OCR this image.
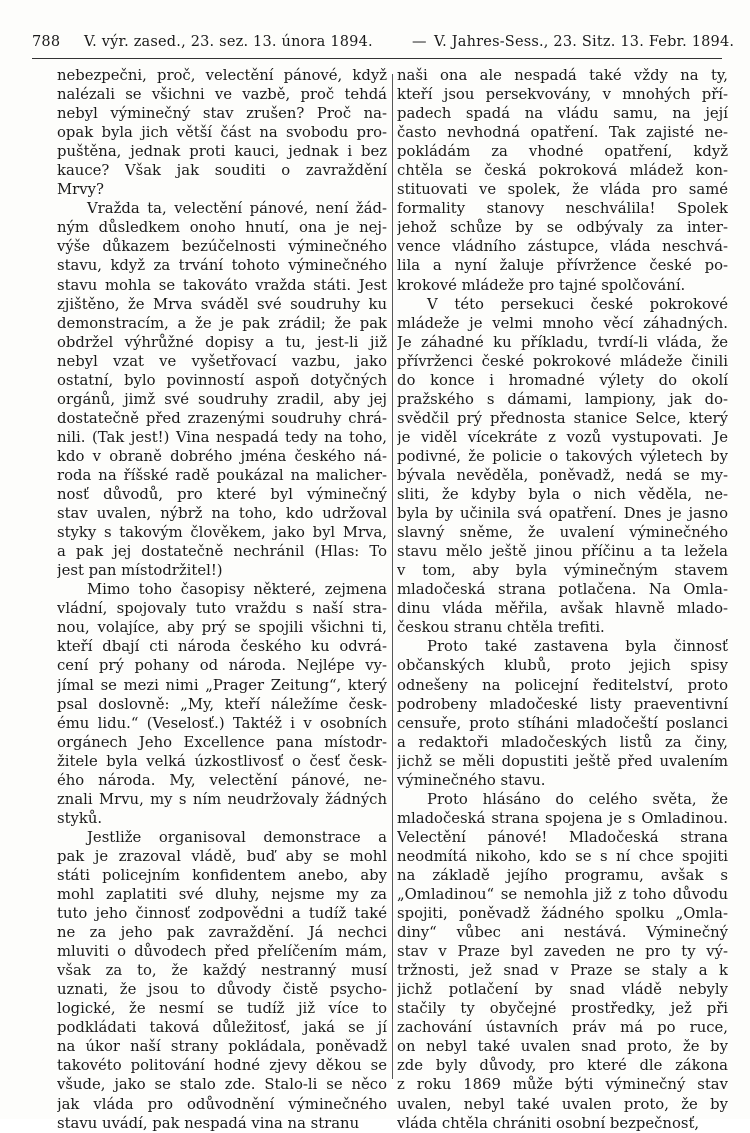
788 V. výr. zased., 23. sez. 13. února 1894.	— V. Jahres-Sess., 23. Sitz. 13. Febr. 1894.
nebezpečni, proč, velectění pánové, když
nalézali se všichni ve vazbě, proč tehdá
nebyl výminečný stav zrušen? Proč na-
opak byla jich větší část na svobodu pro-
puštěna, jednak proti kauci, jednak i bez
kauce? Však jak souditi o zavraždění
Mrvy?
Vražda ta, velectění pánové, není žád-
ným důsledkem onoho hnutí, ona je nej-
výše důkazem bezúčelnosti výminečného
stavu, když za trvání tohoto výminečného
stavu mohla se takováto vražda státi. Jest
zjištěno, že Mrva sváděl své soudruhy ku
demonstracím, a že je pak zrádil; že pak
obdržel výhrůžné dopisy a tu, jest-li již
nebyl vzat ve vyšetřovací vazbu, jako
ostatní, bylo povinností aspoň dotyčných
orgánů, jimž své soudruhy zradil, aby jej
dostatečně před zrazenými soudruhy chrá-
nili. (Tak jest!) Vina nespadá tedy na toho,
kdo v obraně dobrého jména českého ná-
roda na říšské radě poukázal na malicher-
nosť důvodů, pro které byl výminečný
stav uvalen, nýbrž na toho, kdo udržoval
styky s takovým člověkem, jako byl Mrva,
a pak jej dostatečně nechránil (Hlas: To
jest pan místodržitel!)
Mimo toho časopisy některé, zejmena
vládní, spojovaly tuto vraždu s naší stra-
nou, volajíce, aby prý se spojili všichni ti,
kteří dbají cti národa českého ku odvrá-
cení prý pohany od národa. Nejlépe vy-
jímal se mezi nimi „Prager Zeitung“, který
psal doslovně: „My, kteří náležíme česk-
ému lidu.“ (Veselosť.) Taktéž i v osobních
orgánech Jeho Excellence pana místodr-
žitele byla velká úzkostlivosť o česť česk-
ého národa. My, velectění pánové, ne-
znali Mrvu, my s ním neudržovaly žádných
styků.
Jestliže organisoval demonstrace a
pak je zrazoval vládě, buď aby se mohl
státi policejním konfidentem anebo, aby
mohl zaplatiti své dluhy, nejsme my za
tuto jeho činnosť zodpovědni a tudíž také
ne za jeho pak zavraždění. Já nechci
mluviti o důvodech před přelíčením mám,
však za to, že každý nestranný musí
uznati, že jsou to důvody čistě psycho-
logické, že nesmí se tudíž již více to
podkládati taková důležitosť, jaká se jí
na úkor naší strany pokládala, poněvadž
takovéto politování hodné zjevy děkou se
všude, jako se stalo zde. Stalo-li se něco
jak vláda pro odůvodnění výminečného
stavu uvádí, pak nespadá vina na stranu
naši ona ale nespadá také vždy na ty,
kteří jsou persekvovány, v mnohých pří-
padech spadá na vládu samu, na její
často nevhodná opatření. Tak zajisté ne-
pokládám za vhodné opatření, když
chtěla se česká pokroková mládež kon-
stituovati ve spolek, že vláda pro samé
formality stanovy neschválila! Spolek
jehož schůze by se odbývaly za inter-
vence vládního zástupce, vláda neschvá-
lila a nyní žaluje přívržence české po-
krokové mládeže pro tajné spolčování.
V této persekuci české pokrokové
mládeže je velmi mnoho věcí záhadných.
Je záhadné ku příkladu, tvrdí-li vláda, že
přívrženci české pokrokové mládeže činili
do konce i hromadné výlety do okolí
pražského s dámami, lampiony, jak do-
svědčil prý přednosta stanice Selce, který
je viděl vícekráte z vozů vystupovati. Je
podivné, že policie o takových výletech by
bývala nevěděla, poněvadž, nedá se my-
sliti, že kdyby byla o nich věděla, ne-
byla by učinila svá opatření. Dnes je jasno
slavný sněme, že uvalení výminečného
stavu mělo ještě jinou příčinu a ta ležela
v tom, aby byla výminečným stavem
mladočeská strana potlačena. Na Omla-
dinu vláda měřila, avšak hlavně mlado-
českou stranu chtěla trefiti.
Proto také zastavena byla činnosť
občanských klubů, proto jejich spisy
odnešeny na policejní ředitelství, proto
podrobeny mladočeské listy praeventivní
censuře, proto stíháni mladočeští poslanci
a redaktoři mladočeských listů za činy,
jichž se měli dopustiti ještě před uvalením
výminečného stavu.
Proto hlásáno do celého světa, že
mladočeská strana spojena je s Omladinou.
Velectění pánové! Mladočeská strana
neodmítá nikoho, kdo se s ní chce spojiti
na základě jejího programu, avšak s
„Omladinou“ se nemohla již z toho důvodu
spojiti, poněvadž žádného spolku „Omla-
diny“ vůbec ani nestává. Výminečný
stav v Praze byl zaveden ne pro ty vý-
tržnosti, jež snad v Praze se staly a k
jichž potlačení by snad vládě nebyly
stačily ty obyčejné prostředky, jež při
zachování ústavních práv má po ruce,
on nebyl také uvalen snad proto, že by
zde byly důvody, pro které dle zákona
z roku 1869 může býti výminečný stav
uvalen, nebyl také uvalen proto, že by
vláda chtěla chrániti osobní bezpečnosť,
